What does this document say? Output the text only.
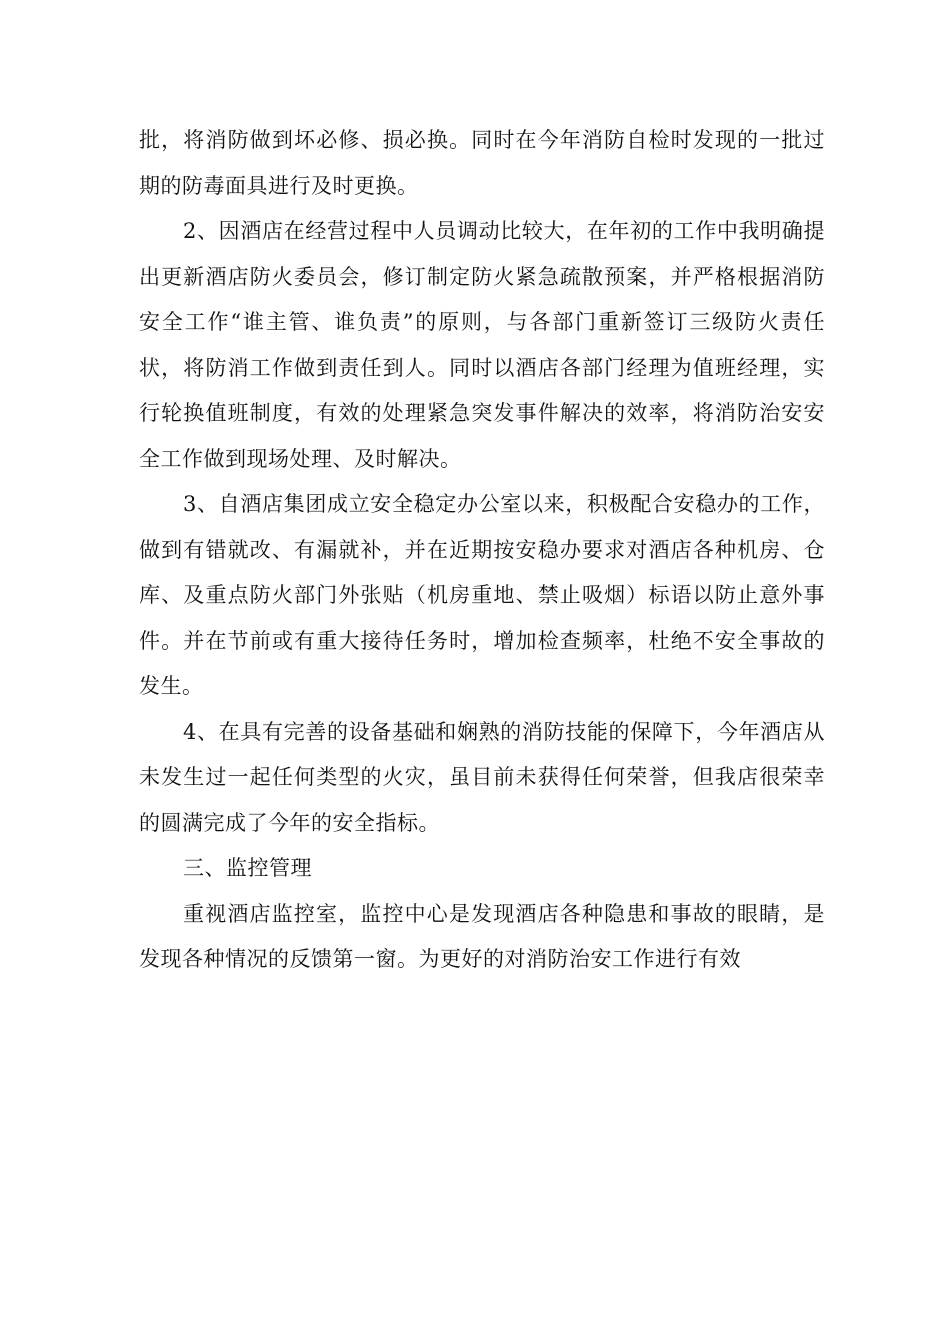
批，将消防做到坏必修、损必换。同时在今年消防自检时发现的一批过期的防毒面具进行及时更换。

2、因酒店在经营过程中人员调动比较大，在年初的工作中我明确提出更新酒店防火委员会，修订制定防火紧急疏散预案，并严格根据消防安全工作“谁主管、谁负责”的原则，与各部门重新签订三级防火责任状，将防消工作做到责任到人。同时以酒店各部门经理为值班经理，实行轮换值班制度，有效的处理紧急突发事件解决的效率，将消防治安安全工作做到现场处理、及时解决。

3、自酒店集团成立安全稳定办公室以来，积极配合安稳办的工作，做到有错就改、有漏就补，并在近期按安稳办要求对酒店各种机房、仓库、及重点防火部门外张贴（机房重地、禁止吸烟）标语以防止意外事件。并在节前或有重大接待任务时，增加检查频率，杜绝不安全事故的发生。

4、在具有完善的设备基础和娴熟的消防技能的保障下，今年酒店从未发生过一起任何类型的火灾，虽目前未获得任何荣誉，但我店很荣幸的圆满完成了今年的安全指标。

三、监控管理

重视酒店监控室，监控中心是发现酒店各种隐患和事故的眼睛，是发现各种情况的反馈第一窗。为更好的对消防治安工作进行有效
